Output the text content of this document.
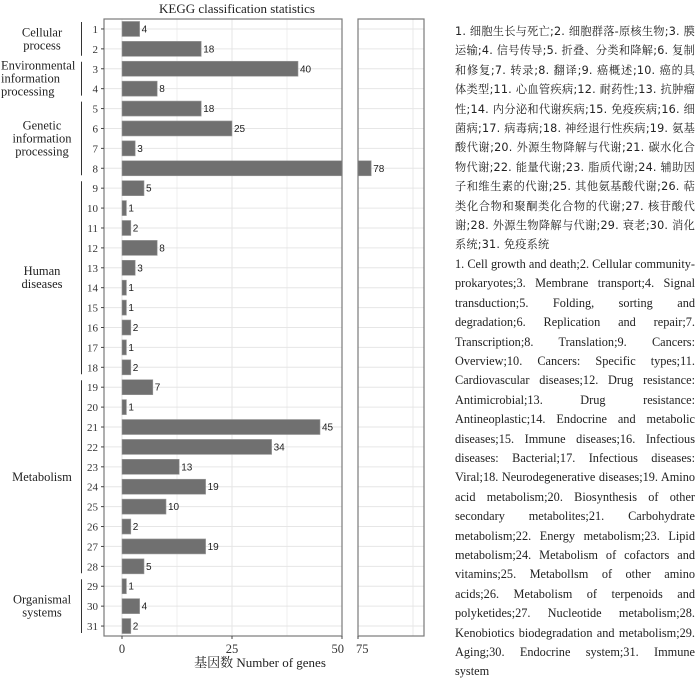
KEGG classification statistics
4
18
40
8
18
25
3
78
5
1
2
8
3
1
1
2
1
2
7
1
45
34
13
19
10
2
19
5
1
4
2
1
2
3
4
5
6
7
8
9
10
11
12
13
14
15
16
17
18
19
20
21
22
23
24
25
26
27
28
29
30
31
0	25	50 75
Cellular
process
Environmental
information
processing
Genetic
information
processing
Human
diseases
Metabolism
Organismal
systems
基因数 Number of genes
1. 细胞生长与死亡;2. 细胞群落-原核生物;3. 膜运输;4. 信号传导;5. 折叠、分类和降解;6. 复制和修复;7. 转录;8. 翻译;9. 癌概述;10. 癌的具体类型;11. 心血管疾病;12. 耐药性;13. 抗肿瘤性;14. 内分泌和代谢疾病;15. 免疫疾病;16. 细菌病;17. 病毒病;18. 神经退行性疾病;19. 氨基酸代谢;20. 外源生物降解与代谢;21. 碳水化合物代谢;22. 能量代谢;23. 脂质代谢;24. 辅助因子和维生素的代谢;25. 其他氨基酸代谢;26. 萜类化合物和聚酮类化合物的代谢;27. 核苷酸代谢;28. 外源生物降解与代谢;29. 衰老;30. 消化系统;31. 免疫系统
1. Cell growth and death;2. Cellular community-prokaryotes;3. Membrane transport;4. Signal transduction;5. Folding, sorting and degradation;6. Replication and repair;7. Transcription;8. Translation;9. Cancers: Overview;10. Cancers: Specific types;11. Cardiovascular diseases;12. Drug resistance: Antimicrobial;13. Drug resistance: Antineoplastic;14. Endocrine and metabolic diseases;15. Immune diseases;16. Infectious diseases: Bacterial;17. Infectious diseases: Viral;18. Neurodegenerative diseases;19. Amino acid metabolism;20. Biosynthesis of other secondary metabolites;21. Carbohydrate metabolism;22. Energy metabolism;23. Lipid metabolism;24. Metabolism of cofactors and vitamins;25. Metabollsm of other amino acids;26. Metabolism of terpenoids and polyketides;27. Nucleotide metabolism;28. Kenobiotics biodegradation and metabolism;29. Aging;30. Endocrine system;31. Immune system
